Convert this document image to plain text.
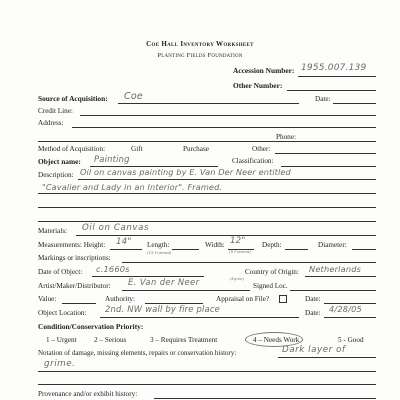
Coe Hall Inventory Worksheet
Planting Fields Foundation
Accession Number: 1955.007.139
Other Number:
Source of Acquisition: Coe	Date:
Credit Line:
Address:
Phone:
Method of Acquisition:	Gift	Purchase	Other:
Object name: Painting	Classification:
Description: Oil on canvas painting by E. Van Der Neer entitled
"Cavalier and Lady in an Interior". Framed.
Materials: Oil on Canvas
Measurements: Height: 14" Length:
(15 Framed)
Width: 12"
(9 Framed)
Depth:	Diameter:
Markings or inscriptions:
Date of Object: c.1660s	Country of Origin: Netherlands
Artist/Maker/Distributor: E. Van der Neer	(Eglon)
Signed Loc.
Value:	Authority:	Appraisal on File?	Date:
Object Location: 2nd. NW wall by fire place	Date: 4/28/05
Condition/Conservation Priority:
1 – Urgent 2 – Serious	3 – Requires Treatment	4 – Needs Work	5 - Good
Notation of damage, missing elements, repairs or conservation history:	Dark layer of
grime.
Provenance and/or exhibit history:
